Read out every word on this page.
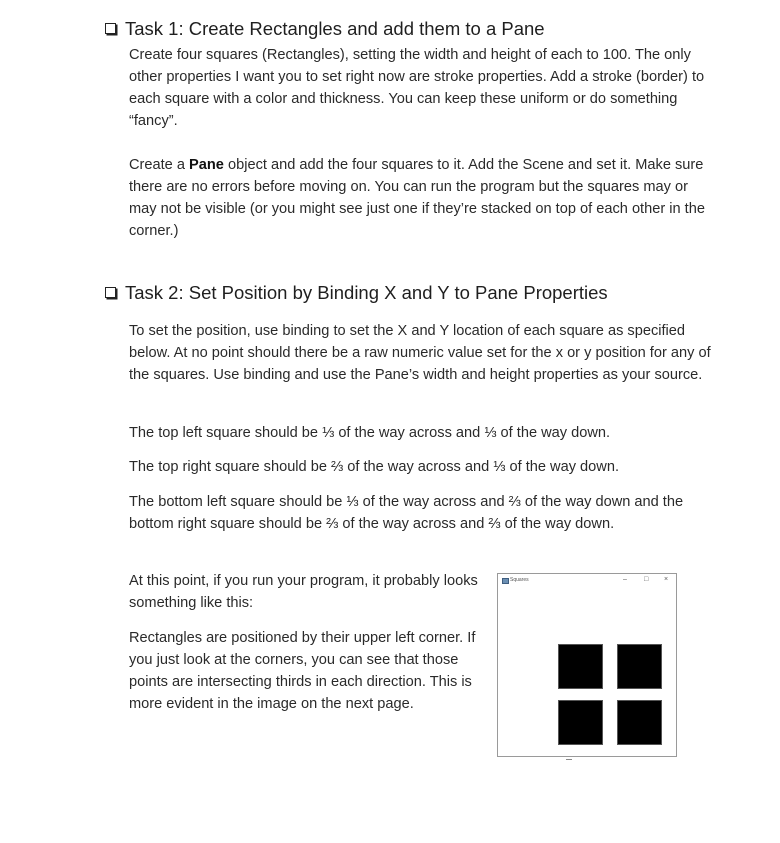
Task 1: Create Rectangles and add them to a Pane

Create four squares (Rectangles), setting the width and height of each to 100. The only other properties I want you to set right now are stroke properties. Add a stroke (border) to each square with a color and thickness. You can keep these uniform or do something “fancy”.

Create a Pane object and add the four squares to it. Add the Scene and set it. Make sure there are no errors before moving on. You can run the program but the squares may or may not be visible (or you might see just one if they’re stacked on top of each other in the corner.)

Task 2: Set Position by Binding X and Y to Pane Properties

To set the position, use binding to set the X and Y location of each square as specified below. At no point should there be a raw numeric value set for the x or y position for any of the squares. Use binding and use the Pane’s width and height properties as your source.

The top left square should be ⅓ of the way across and ⅓ of the way down.

The top right square should be ⅔ of the way across and ⅓ of the way down.

The bottom left square should be ⅓ of the way across and ⅔ of the way down and the bottom right square should be ⅔ of the way across and ⅔ of the way down.

At this point, if you run your program, it probably looks something like this:

Rectangles are positioned by their upper left corner. If you just look at the corners, you can see that those points are intersecting thirds in each direction. This is more evident in the image on the next page.

Squares	– □ ×
